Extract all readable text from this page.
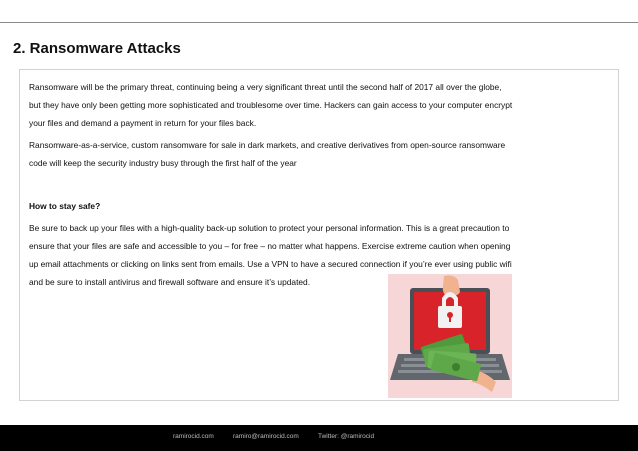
2. Ransomware Attacks

Ransomware will be the primary threat, continuing being a very significant threat until the second half of 2017 all over the globe,

but they have only been getting more sophisticated and troublesome over time. Hackers can gain access to your computer encrypt

your files and demand a payment in return for your files back.

Ransomware-as-a-service, custom ransomware for sale in dark markets, and creative derivatives from open-source ransomware

code will keep the security industry busy through the first half of the year

How to stay safe?

Be sure to back up your files with a high-quality back-up solution to protect your personal information. This is a great precaution to

ensure that your files are safe and accessible to you – for free – no matter what happens. Exercise extreme caution when opening

up email attachments or clicking on links sent from emails. Use a VPN to have a secured connection if you’re ever using public wifi

and be sure to install antivirus and firewall software and ensure it’s updated.

ramirocid.com	ramiro@ramirocid.com	Twitter: @ramirocid
